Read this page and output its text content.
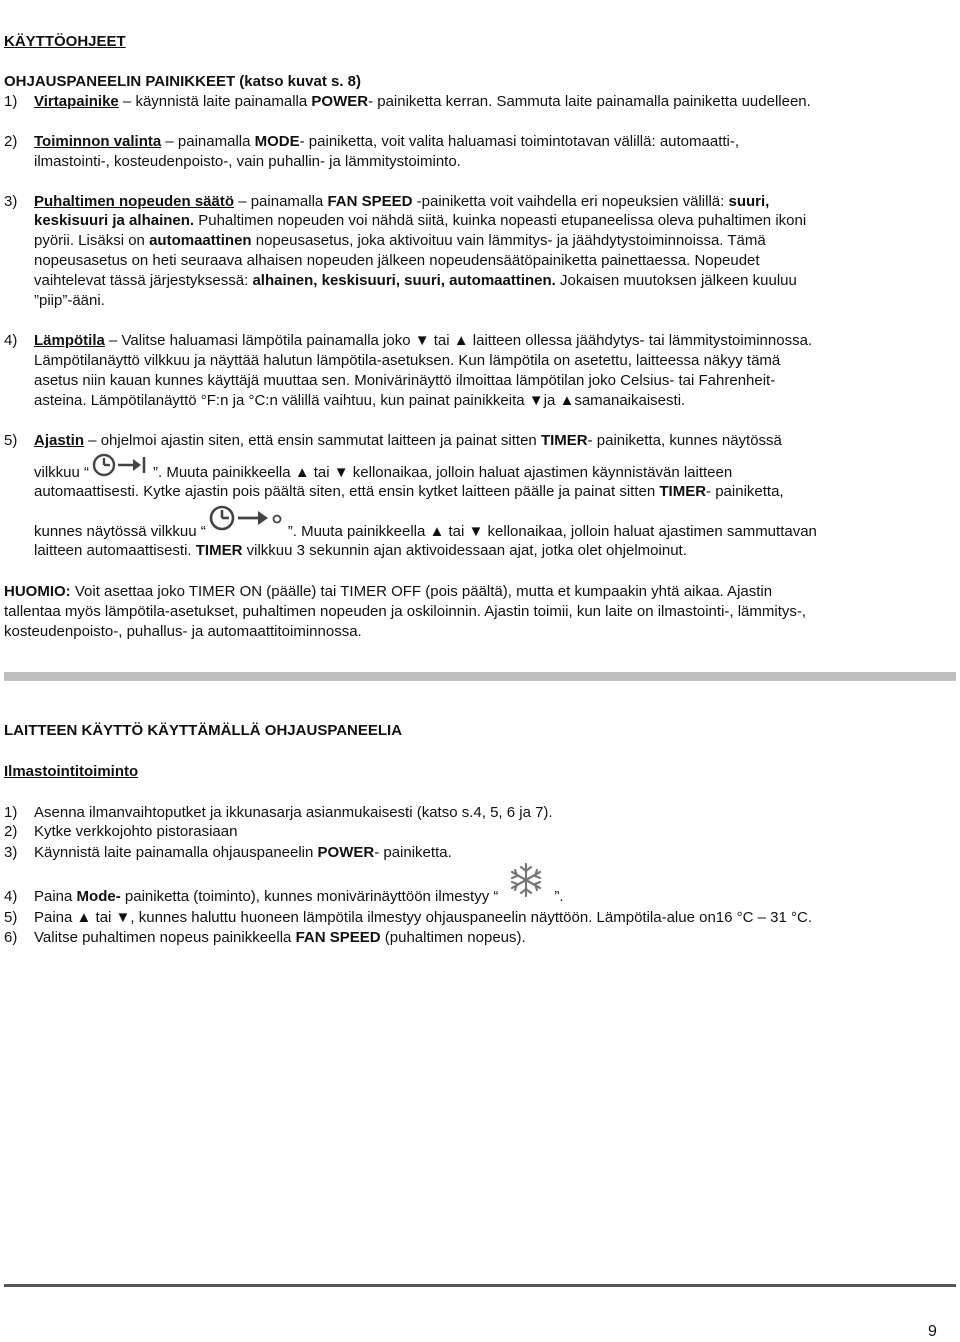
KÄYTTÖOHJEET
OHJAUSPANEELIN PAINIKKEET (katso kuvat s. 8)
1) Virtapainike – käynnistä laite painamalla POWER- painiketta kerran. Sammuta laite painamalla painiketta uudelleen.
2) Toiminnon valinta – painamalla MODE- painiketta, voit valita haluamasi toimintotavan välillä: automaatti-,
ilmastointi-, kosteudenpoisto-, vain puhallin- ja lämmitystoiminto.
3) Puhaltimen nopeuden säätö – painamalla FAN SPEED -painiketta voit vaihdella eri nopeuksien välillä: suuri,
keskisuuri ja alhainen. Puhaltimen nopeuden voi nähdä siitä, kuinka nopeasti etupaneelissa oleva puhaltimen ikoni
pyörii. Lisäksi on automaattinen nopeusasetus, joka aktivoituu vain lämmitys- ja jäähdytystoiminnoissa. Tämä
nopeusasetus on heti seuraava alhaisen nopeuden jälkeen nopeudensäätöpainiketta painettaessa. Nopeudet
vaihtelevat tässä järjestyksessä: alhainen, keskisuuri, suuri, automaattinen. Jokaisen muutoksen jälkeen kuuluu
”piip”-ääni.
4) Lämpötila – Valitse haluamasi lämpötila painamalla joko ▼ tai ▲ laitteen ollessa jäähdytys- tai lämmitystoiminnossa.
Lämpötilanäyttö vilkkuu ja näyttää halutun lämpötila-asetuksen. Kun lämpötila on asetettu, laitteessa näkyy tämä
asetus niin kauan kunnes käyttäjä muuttaa sen. Monivärinäyttö ilmoittaa lämpötilan joko Celsius- tai Fahrenheit-
asteina. Lämpötilanäyttö °F:n ja °C:n välillä vaihtuu, kun painat painikkeita ▼ja ▲samanaikaisesti.
5) Ajastin – ohjelmoi ajastin siten, että ensin sammutat laitteen ja painat sitten TIMER- painiketta, kunnes näytössä
vilkkuu “	”. Muuta painikkeella ▲ tai ▼ kellonaikaa, jolloin haluat ajastimen käynnistävän laitteen
automaattisesti. Kytke ajastin pois päältä siten, että ensin kytket laitteen päälle ja painat sitten TIMER- painiketta,
kunnes näytössä vilkkuu “	”. Muuta painikkeella ▲ tai ▼ kellonaikaa, jolloin haluat ajastimen sammuttavan
laitteen automaattisesti. TIMER vilkkuu 3 sekunnin ajan aktivoidessaan ajat, jotka olet ohjelmoinut.
HUOMIO: Voit asettaa joko TIMER ON (päälle) tai TIMER OFF (pois päältä), mutta et kumpaakin yhtä aikaa. Ajastin
tallentaa myös lämpötila-asetukset, puhaltimen nopeuden ja oskiloinnin. Ajastin toimii, kun laite on ilmastointi-, lämmitys-,
kosteudenpoisto-, puhallus- ja automaattitoiminnossa.
LAITTEEN KÄYTTÖ KÄYTTÄMÄLLÄ OHJAUSPANEELIA
Ilmastointitoiminto
1) Asenna ilmanvaihtoputket ja ikkunasarja asianmukaisesti (katso s.4, 5, 6 ja 7).
2) Kytke verkkojohto pistorasiaan
3) Käynnistä laite painamalla ohjauspaneelin POWER- painiketta.
4) Paina Mode- painiketta (toiminto), kunnes monivärinäyttöön ilmestyy “	”.
5) Paina ▲ tai ▼, kunnes haluttu huoneen lämpötila ilmestyy ohjauspaneelin näyttöön. Lämpötila-alue on16 °C – 31 °C.
6) Valitse puhaltimen nopeus painikkeella FAN SPEED (puhaltimen nopeus).
9
